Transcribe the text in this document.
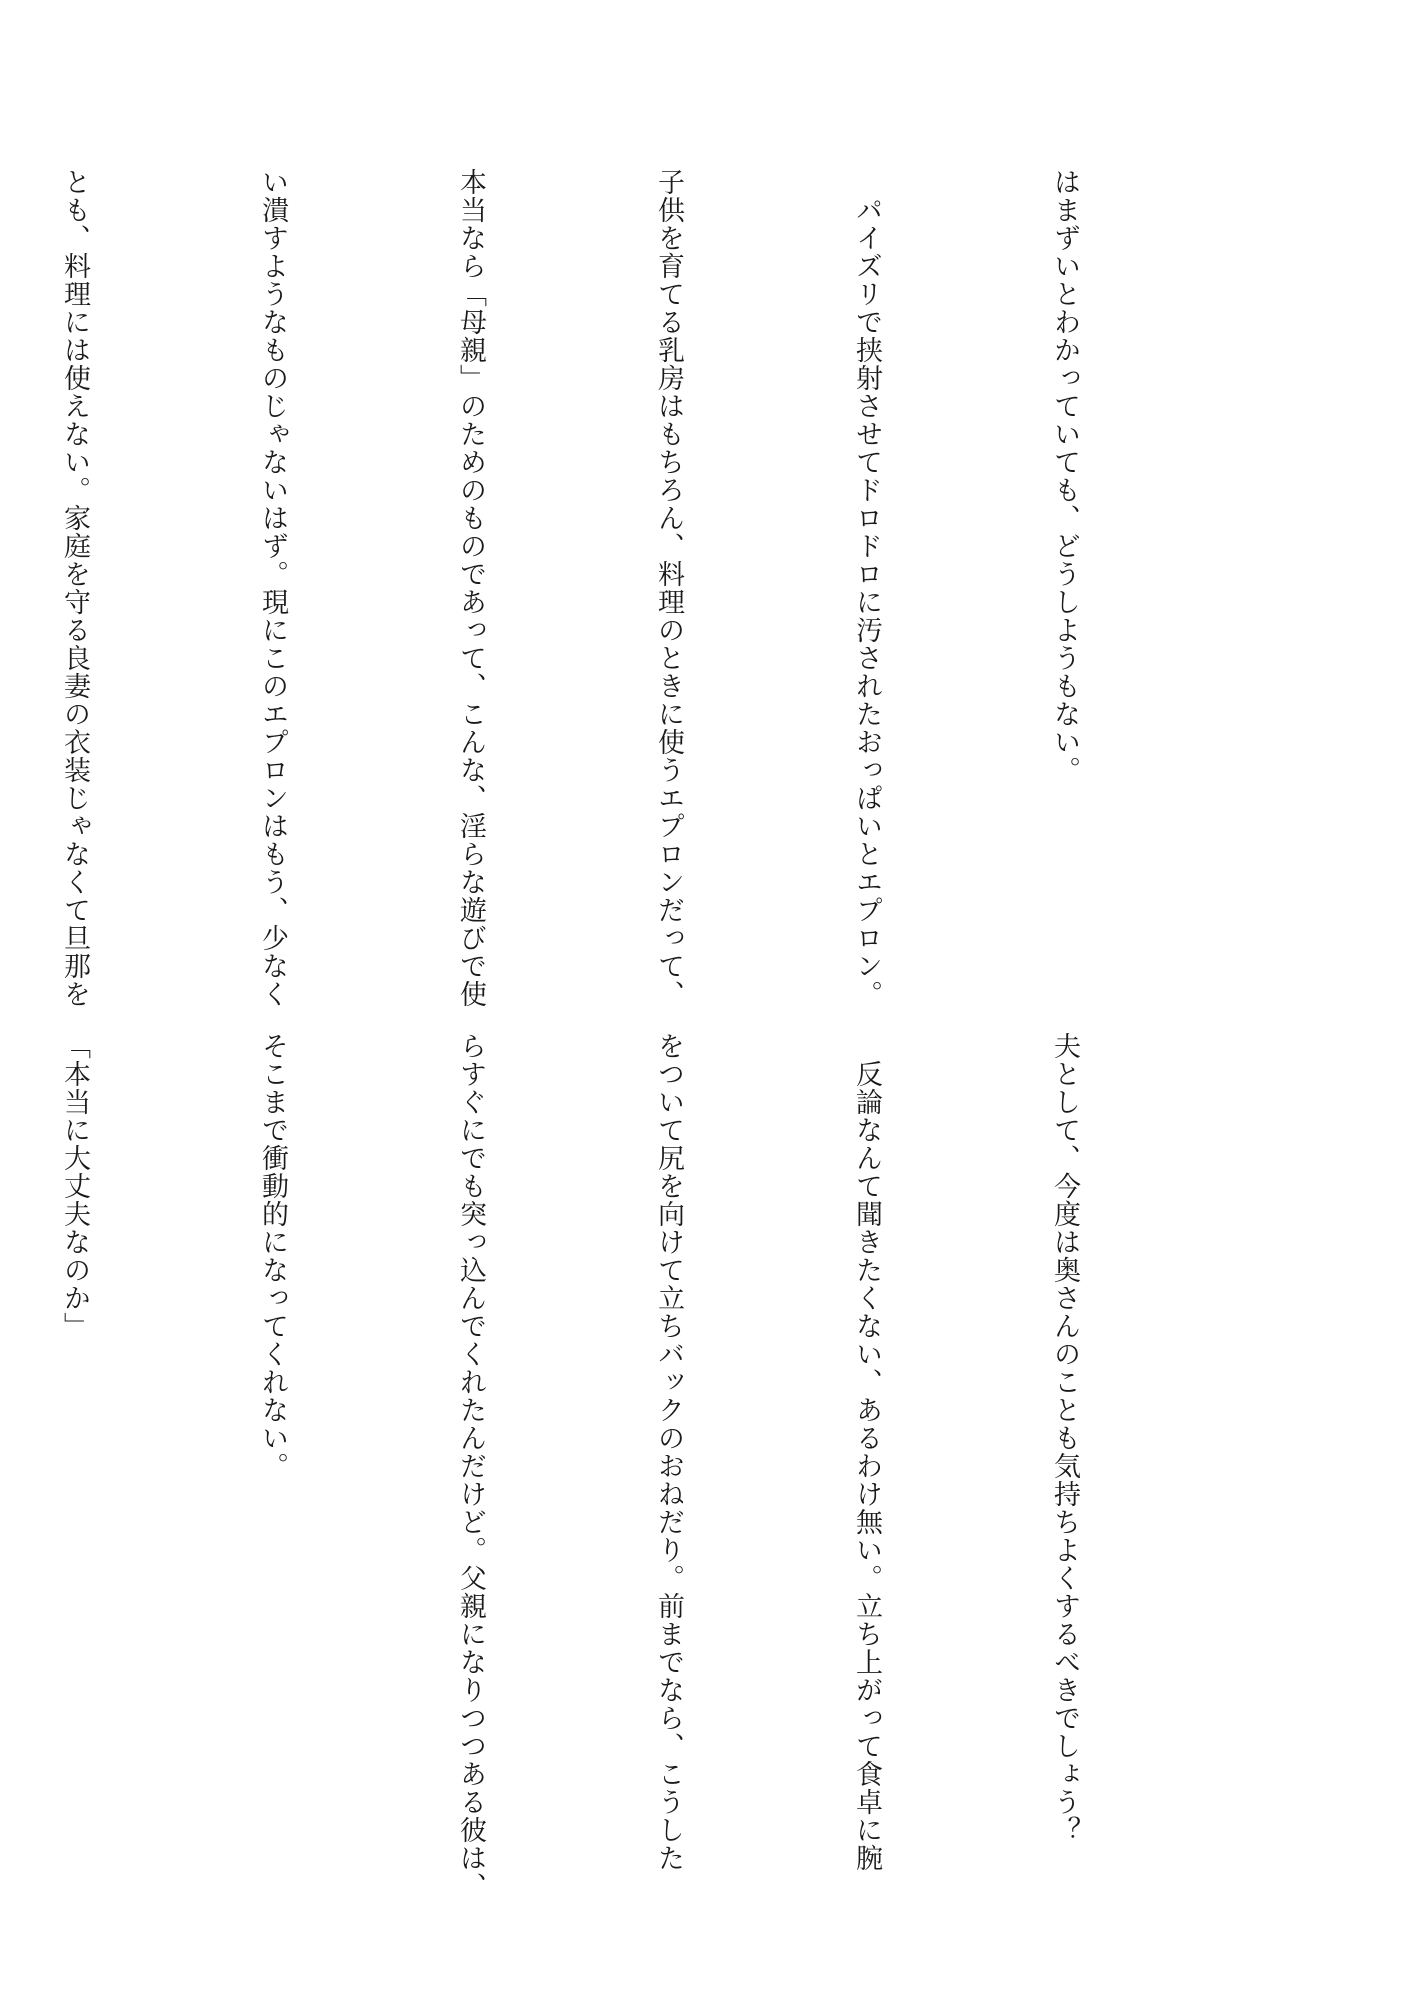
はまずいとわかっていても、どうしようもない。

　パイズリで挟射させてドロドロに汚されたおっぱいとエプロン。

子供を育てる乳房はもちろん、料理のときに使うエプロンだって、

本当なら「母親」のためのものであって、こんな、淫らな遊びで使

い潰すようなものじゃないはず。現にこのエプロンはもう、少なく

とも、料理には使えない。家庭を守る良妻の衣装じゃなくて旦那を

夫として、今度は奥さんのことも気持ちよくするべきでしょう？

　反論なんて聞きたくない、あるわけ無い。立ち上がって食卓に腕

をついて尻を向けて立ちバックのおねだり。前までなら、こうした

らすぐにでも突っ込んでくれたんだけど。父親になりつつある彼は、

そこまで衝動的になってくれない。

「本当に大丈夫なのか」
